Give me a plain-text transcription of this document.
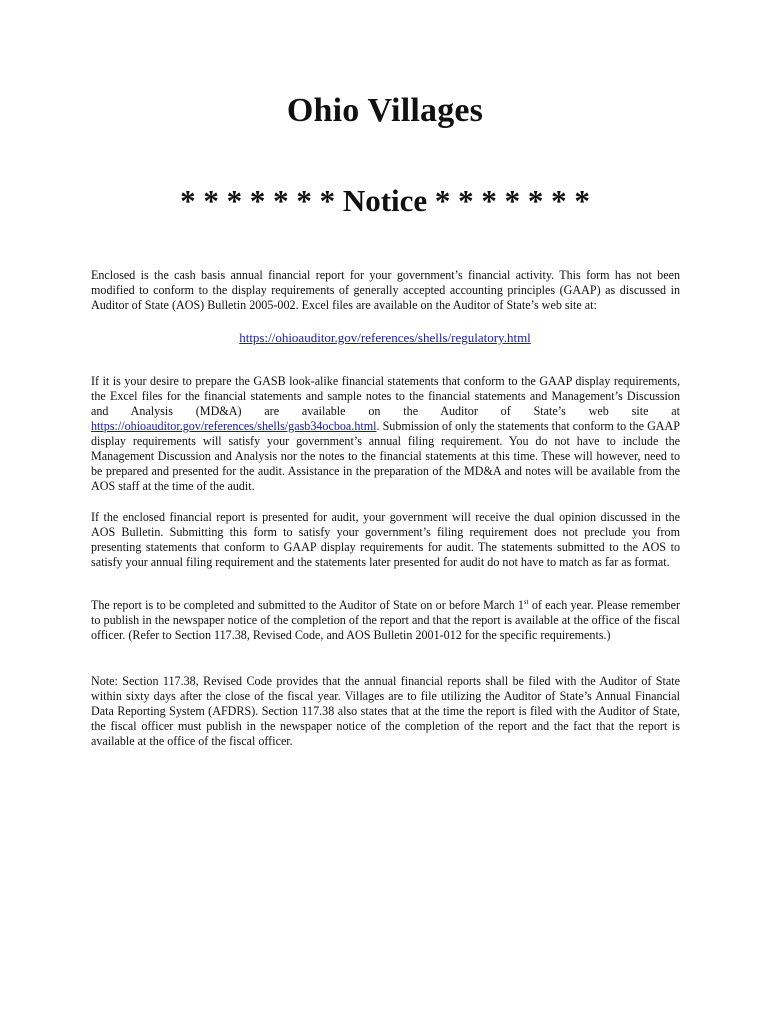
Ohio Villages
* * * * * * * Notice * * * * * * *

Enclosed is the cash basis annual financial report for your government’s financial activity. This form has not been modified to conform to the display requirements of generally accepted accounting principles (GAAP) as discussed in Auditor of State (AOS) Bulletin 2005-002. Excel files are available on the Auditor of State’s web site at:

https://ohioauditor.gov/references/shells/regulatory.html

If it is your desire to prepare the GASB look-alike financial statements that conform to the GAAP display requirements, the Excel files for the financial statements and sample notes to the financial statements and Management’s Discussion and Analysis (MD&A) are available on the Auditor of State’s web site at https://ohioauditor.gov/references/shells/gasb34ocboa.html. Submission of only the statements that conform to the GAAP display requirements will satisfy your government’s annual filing requirement. You do not have to include the Management Discussion and Analysis nor the notes to the financial statements at this time. These will however, need to be prepared and presented for the audit. Assistance in the preparation of the MD&A and notes will be available from the AOS staff at the time of the audit.

If the enclosed financial report is presented for audit, your government will receive the dual opinion discussed in the AOS Bulletin. Submitting this form to satisfy your government’s filing requirement does not preclude you from presenting statements that conform to GAAP display requirements for audit. The statements submitted to the AOS to satisfy your annual filing requirement and the statements later presented for audit do not have to match as far as format.

The report is to be completed and submitted to the Auditor of State on or before March 1st of each year. Please remember to publish in the newspaper notice of the completion of the report and that the report is available at the office of the fiscal officer. (Refer to Section 117.38, Revised Code, and AOS Bulletin 2001-012 for the specific requirements.)

Note: Section 117.38, Revised Code provides that the annual financial reports shall be filed with the Auditor of State within sixty days after the close of the fiscal year. Villages are to file utilizing the Auditor of State’s Annual Financial Data Reporting System (AFDRS). Section 117.38 also states that at the time the report is filed with the Auditor of State, the fiscal officer must publish in the newspaper notice of the completion of the report and the fact that the report is available at the office of the fiscal officer.
